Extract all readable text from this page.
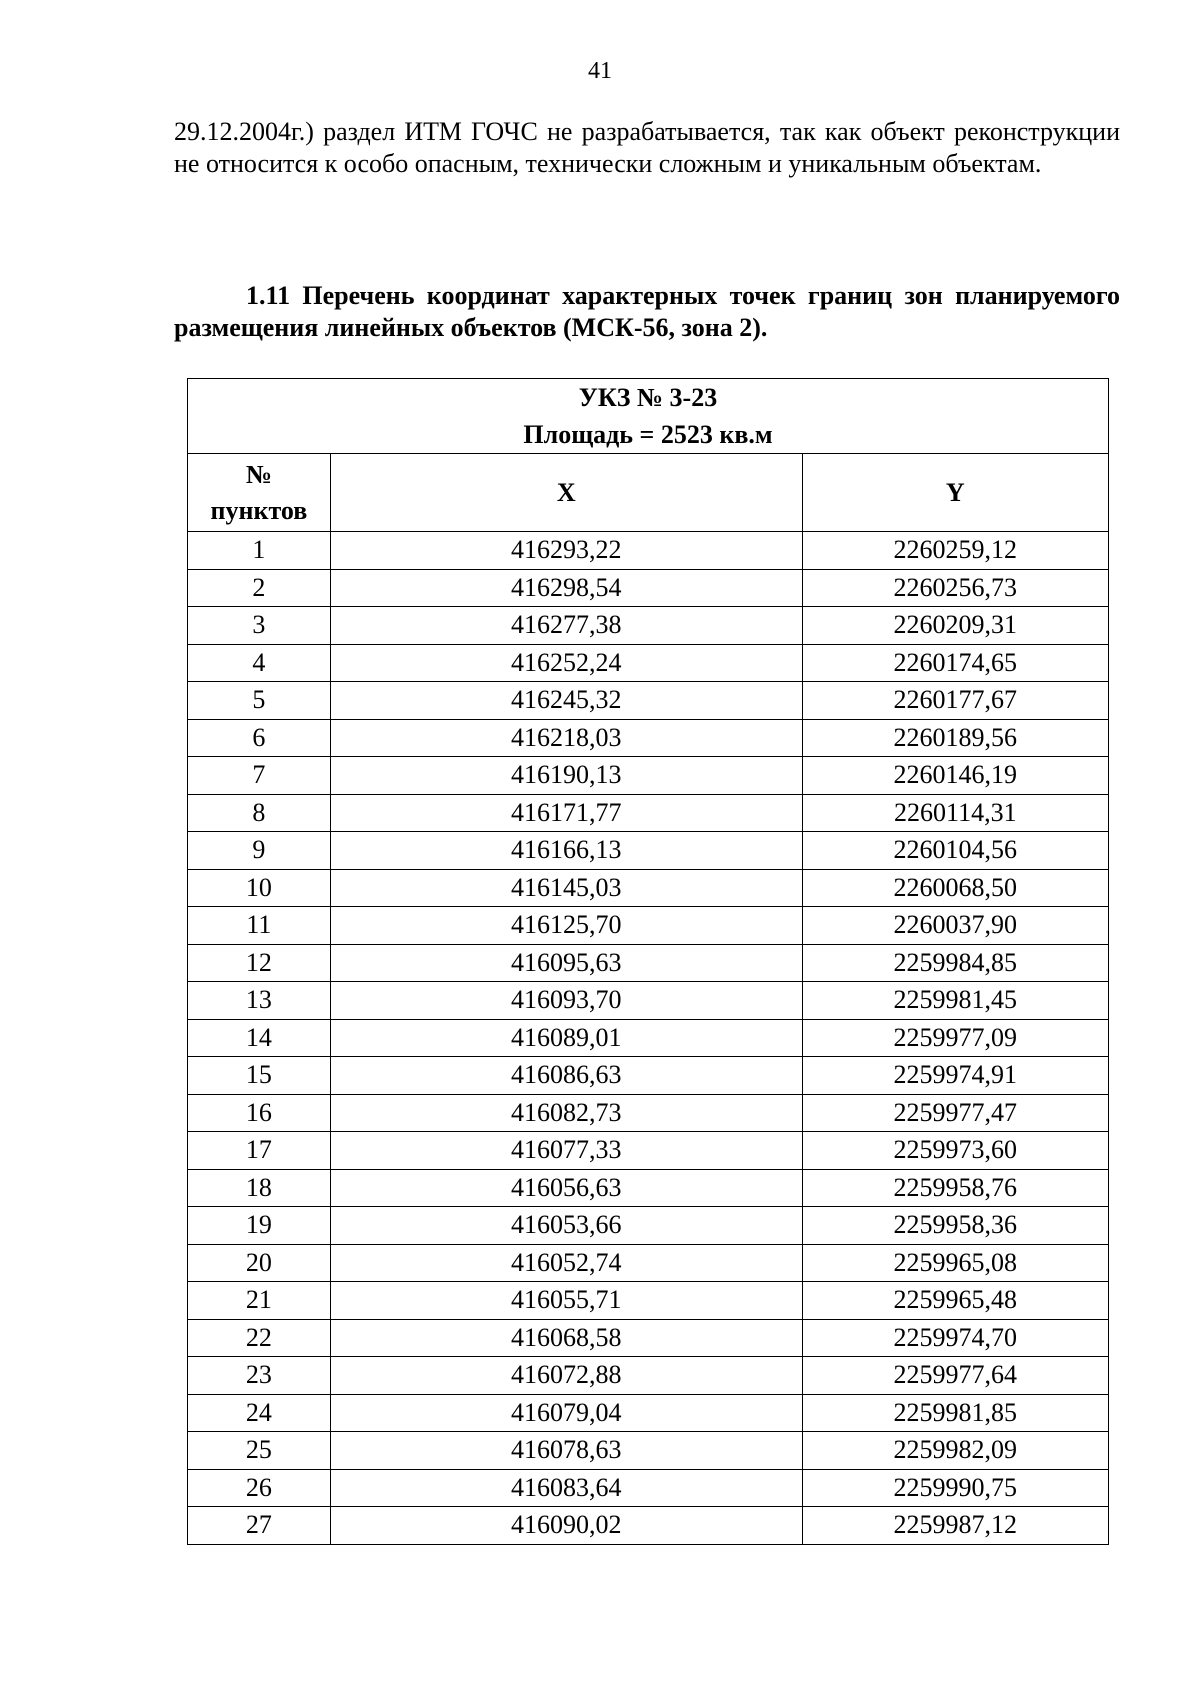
41

29.12.2004г.) раздел ИТМ ГОЧС не разрабатывается, так как объект реконструкции не относится к особо опасным, технически сложным и уникальным объектам.

1.11 Перечень координат характерных точек границ зон планируемого размещения линейных объектов (МСК-56, зона 2).

УКЗ № 3-23
Площадь = 2523 кв.м		

№
пунктов	X	Y
1	416293,22	2260259,12
2	416298,54	2260256,73
3	416277,38	2260209,31
4	416252,24	2260174,65
5	416245,32	2260177,67
6	416218,03	2260189,56
7	416190,13	2260146,19
8	416171,77	2260114,31
9	416166,13	2260104,56
10	416145,03	2260068,50
11	416125,70	2260037,90
12	416095,63	2259984,85
13	416093,70	2259981,45
14	416089,01	2259977,09
15	416086,63	2259974,91
16	416082,73	2259977,47
17	416077,33	2259973,60
18	416056,63	2259958,76
19	416053,66	2259958,36
20	416052,74	2259965,08
21	416055,71	2259965,48
22	416068,58	2259974,70
23	416072,88	2259977,64
24	416079,04	2259981,85
25	416078,63	2259982,09
26	416083,64	2259990,75
27	416090,02	2259987,12
